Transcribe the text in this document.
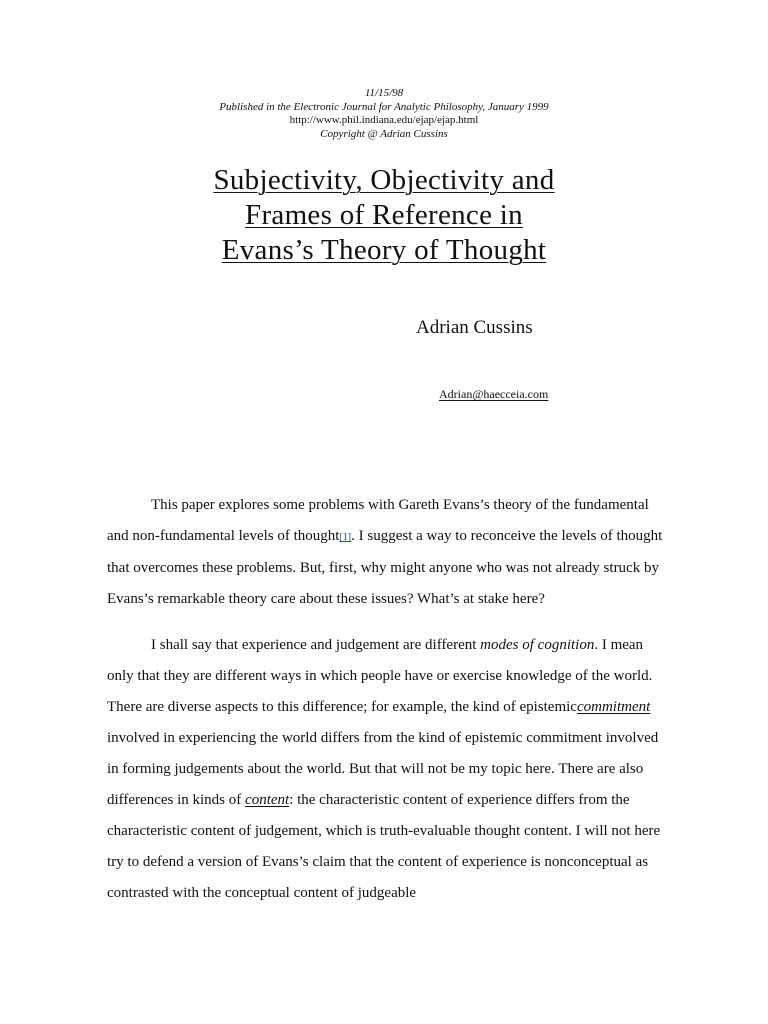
11/15/98
Published in the Electronic Journal for Analytic Philosophy, January 1999
http://www.phil.indiana.edu/ejap/ejap.html
Copyright @ Adrian Cussins
Subjectivity, Objectivity and
Frames of Reference in
Evans’s Theory of Thought
Adrian Cussins
Adrian@haecceia.com

This paper explores some problems with Gareth Evans’s theory of the fundamental and non-fundamental levels of thought[1]. I suggest a way to reconceive the levels of thought that overcomes these problems. But, first, why might anyone who was not already struck by Evans’s remarkable theory care about these issues? What’s at stake here?

I shall say that experience and judgement are different modes of cognition. I mean only that they are different ways in which people have or exercise knowledge of the world. There are diverse aspects to this difference; for example, the kind of epistemiccommitment involved in experiencing the world differs from the kind of epistemic commitment involved in forming judgements about the world. But that will not be my topic here. There are also differences in kinds of content: the characteristic content of experience differs from the characteristic content of judgement, which is truth-evaluable thought content. I will not here try to defend a version of Evans’s claim that the content of experience is nonconceptual as contrasted with the conceptual content of judgeable
